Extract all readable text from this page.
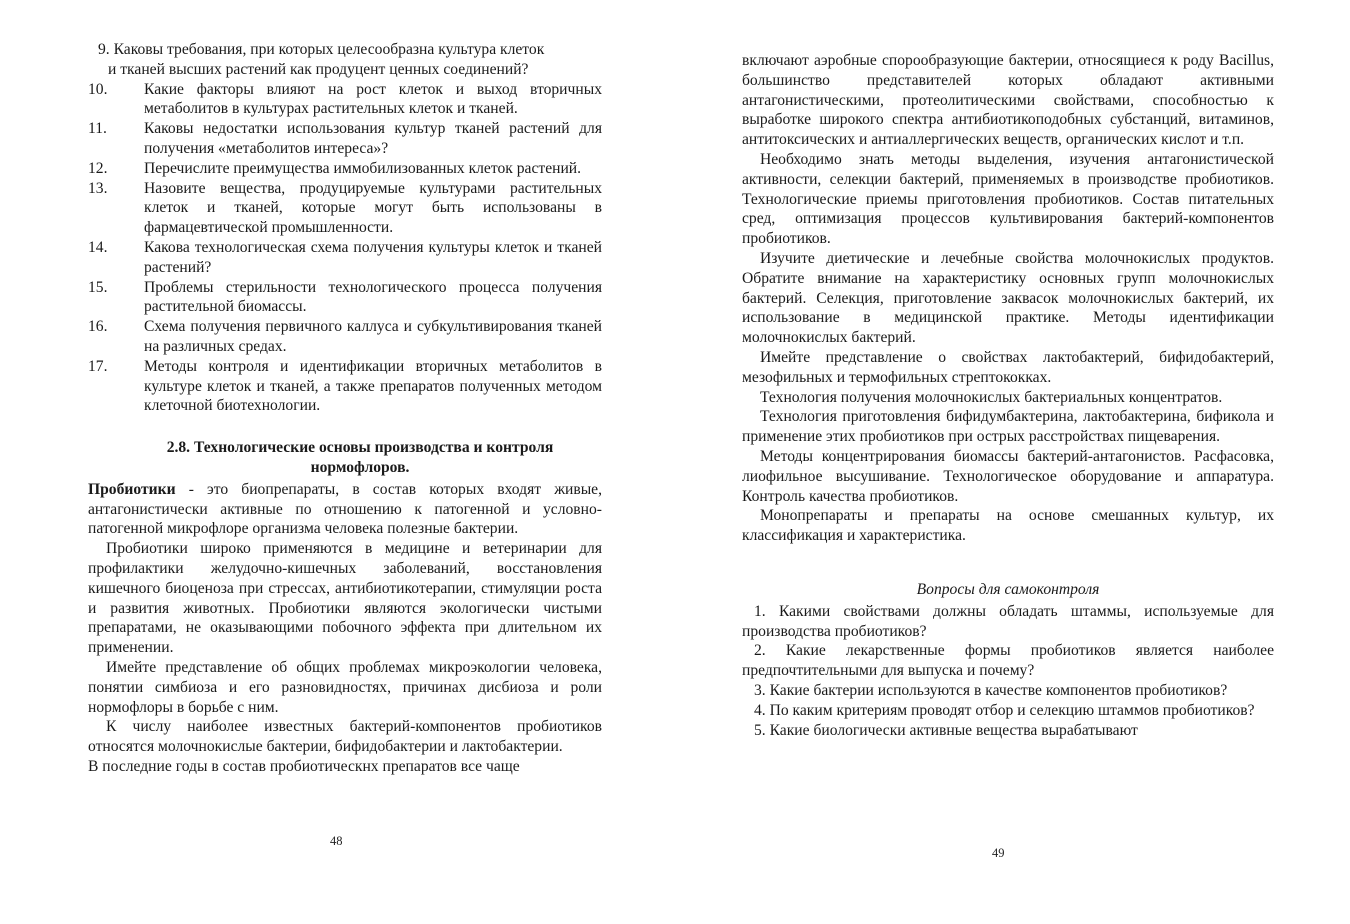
9. Каковы требования, при которых целесообразна культура клеток
и тканей высших растений как продуцент ценных соединений?
10.	Какие факторы влияют на рост клеток и выход вторичных метаболитов в культурах растительных клеток и тканей.
11.	Каковы недостатки использования культур тканей растений для получения «метаболитов интереса»?
12.	Перечислите преимущества иммобилизованных клеток растений.
13.	Назовите вещества, продуцируемые культурами растительных клеток и тканей, которые могут быть использованы в фармацевтической промышленности.
14.	Какова технологическая схема получения культуры клеток и тканей растений?
15.	Проблемы стерильности технологического процесса получения растительной биомассы.
16.	Схема получения первичного каллуса и субкультивирования тканей на различных средах.
17.	Методы контроля и идентификации вторичных метаболитов в культуре клеток и тканей, а также препаратов полученных методом клеточной биотехнологии.
2.8. Технологические основы производства и контроля
нормофлоров.

Пробиотики - это биопрепараты, в состав которых входят живые, антагонистически активные по отношению к патогенной и условно-патогенной микрофлоре организма человека полезные бактерии.

Пробиотики широко применяются в медицине и ветеринарии для профилактики желудочно-кишечных заболеваний, восстановления кишечного биоценоза при стрессах, антибиотикотерапии, стимуляции роста и развития животных. Пробиотики являются экологически чистыми препаратами, не оказывающими побочного эффекта при длительном их применении.

Имейте представление об общих проблемах микроэкологии человека, понятии симбиоза и его разновидностях, причинах дисбиоза и роли нормофлоры в борьбе с ним.

К числу наиболее известных бактерий-компонентов пробиотиков относятся молочнокислые бактерии, бифидобактерии и лактобактерии.

В последние годы в состав пробиотическнх препаратов все чаще

48

включают аэробные спорообразующие бактерии, относящиеся к роду Bacillus, большинство представителей которых обладают активными антагонистическими, протеолитическими свойствами, способностью к выработке широкого спектра антибиотикоподобных субстанций, витаминов, антитоксических и антиаллергических веществ, органических кислот и т.п.

Необходимо знать методы выделения, изучения антагонистической активности, селекции бактерий, применяемых в производстве пробиотиков. Технологические приемы приготовления пробиотиков. Состав питательных сред, оптимизация процессов культивирования бактерий-компонентов пробиотиков.

Изучите диетические и лечебные свойства молочнокислых продуктов. Обратите внимание на характеристику основных групп молочнокислых бактерий. Селекция, приготовление заквасок молочнокислых бактерий, их использование в медицинской практике. Методы идентификации молочнокислых бактерий.

Имейте представление о свойствах лактобактерий, бифидобактерий, мезофильных и термофильных стрептококках.

Технология получения молочнокислых бактериальных концентратов.

Технология приготовления бифидумбактерина, лактобактерина, бификола и применение этих пробиотиков при острых расстройствах пищеварения.

Методы концентрирования биомассы бактерий-антагонистов. Расфасовка, лиофильное высушивание. Технологическое оборудование и аппаратура. Контроль качества пробиотиков.

Монопрепараты и препараты на основе смешанных культур, их классификация и характеристика.

Вопросы для самоконтроля

1. Какими свойствами должны обладать штаммы, используемые для производства пробиотиков?

2. Какие лекарственные формы пробиотиков является наиболее предпочтительными для выпуска и почему?

3. Какие бактерии используются в качестве компонентов пробиотиков?

4. По каким критериям проводят отбор и селекцию штаммов пробиотиков?

5. Какие биологически активные вещества вырабатывают

49
